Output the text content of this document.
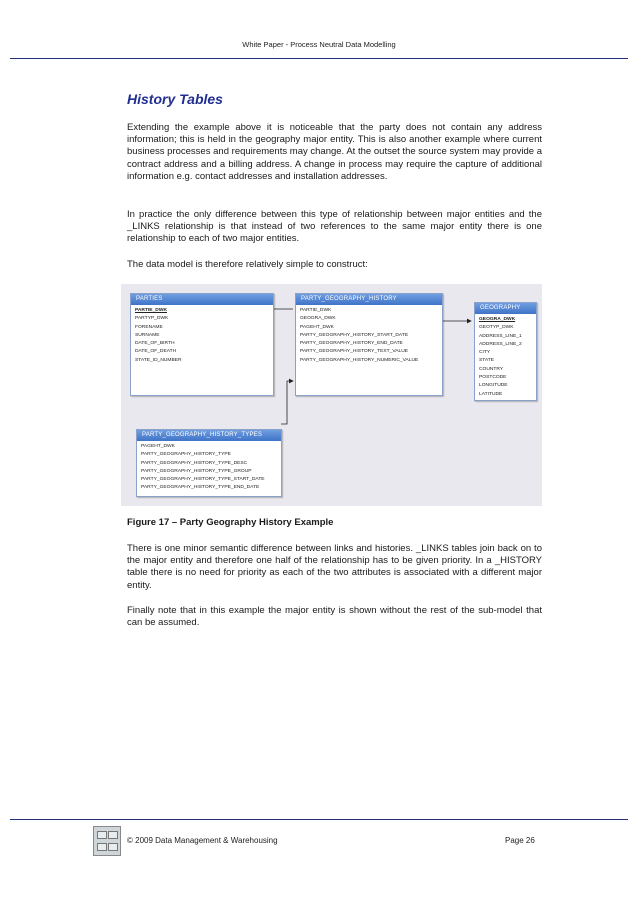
White Paper - Process Neutral Data Modelling
History Tables

Extending the example above it is noticeable that the party does not contain any address information; this is held in the geography major entity. This is also another example where current business processes and requirements may change. At the outset the source system may provide a contract address and a billing address. A change in process may require the capture of additional information e.g. contact addresses and installation addresses.

In practice the only difference between this type of relationship between major entities and the _LINKS relationship is that instead of two references to the same major entity there is one relationship to each of two major entities.

The data model is therefore relatively simple to construct:

PARTIES
PARTIE_DWK
PARTYP_DWK
FORENAME
SURNAME
DATE_OF_BIRTH
DATE_OF_DEATH
STATE_ID_NUMBER
PARTY_GEOGRAPHY_HISTORY
PARTIE_DWK
GEOGRA_DWK
PAGEHT_DWK
PARTY_GEOGRAPHY_HISTORY_START_DATE
PARTY_GEOGRAPHY_HISTORY_END_DATE
PARTY_GEOGRAPHY_HISTORY_TEXT_VALUE
PARTY_GEOGRAPHY_HISTORY_NUMERIC_VALUE
GEOGRAPHY
GEOGRA_DWK
GEOTYP_DWK
ADDRESS_LINE_1
ADDRESS_LINE_2
CITY
STATE
COUNTRY
POSTCODE
LONGITUDE
LATITUDE
PARTY_GEOGRAPHY_HISTORY_TYPES
PAGEHT_DWK
PARTY_GEOGRAPHY_HISTORY_TYPE
PARTY_GEOGRAPHY_HISTORY_TYPE_DESC
PARTY_GEOGRAPHY_HISTORY_TYPE_GROUP
PARTY_GEOGRAPHY_HISTORY_TYPE_START_DATE
PARTY_GEOGRAPHY_HISTORY_TYPE_END_DATE

Figure 17 – Party Geography History Example

There is one minor semantic difference between links and histories. _LINKS tables join back on to the major entity and therefore one half of the relationship has to be given priority. In a _HISTORY table there is no need for priority as each of the two attributes is associated with a different major entity.

Finally note that in this example the major entity is shown without the rest of the sub-model that can be assumed.

© 2009 Data Management & Warehousing	Page 26
